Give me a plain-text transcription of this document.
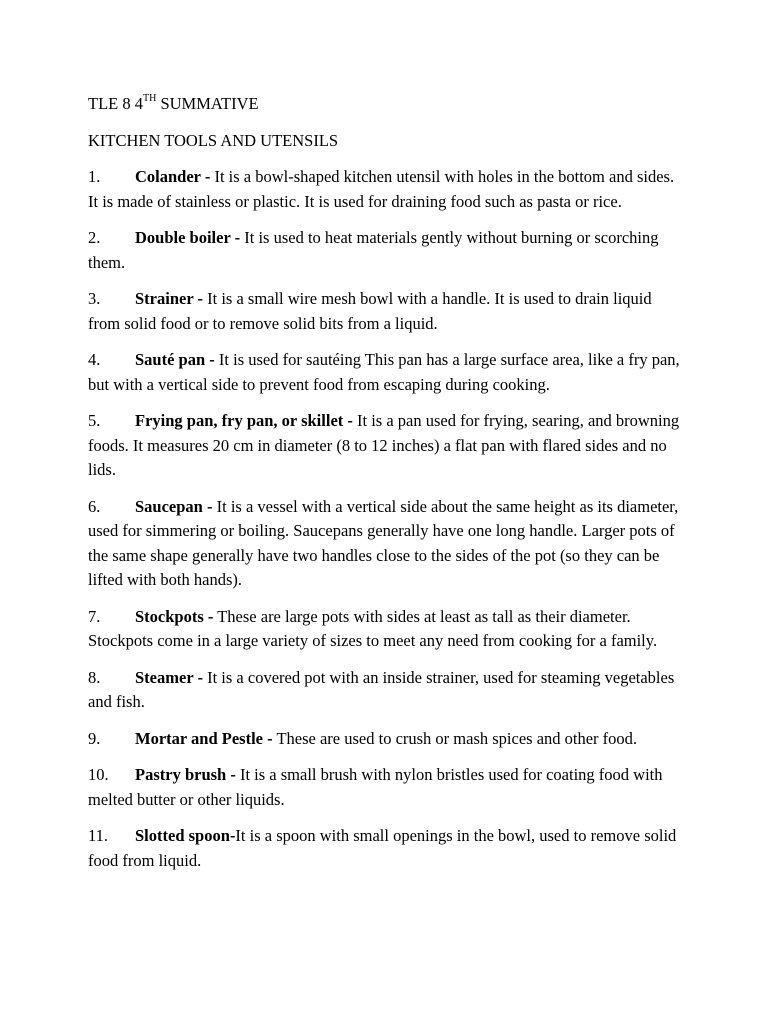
TLE 8 4TH SUMMATIVE

KITCHEN TOOLS AND UTENSILS

1. Colander - It is a bowl-shaped kitchen utensil with holes in the bottom and sides. It is made of stainless or plastic. It is used for draining food such as pasta or rice.

2. Double boiler - It is used to heat materials gently without burning or scorching them.

3. Strainer - It is a small wire mesh bowl with a handle. It is used to drain liquid from solid food or to remove solid bits from a liquid.

4. Sauté pan - It is used for sautéing This pan has a large surface area, like a fry pan, but with a vertical side to prevent food from escaping during cooking.

5. Frying pan, fry pan, or skillet - It is a pan used for frying, searing, and browning foods. It measures 20 cm in diameter (8 to 12 inches) a flat pan with flared sides and no lids.

6. Saucepan - It is a vessel with a vertical side about the same height as its diameter, used for simmering or boiling. Saucepans generally have one long handle. Larger pots of the same shape generally have two handles close to the sides of the pot (so they can be lifted with both hands).

7. Stockpots - These are large pots with sides at least as tall as their diameter. Stockpots come in a large variety of sizes to meet any need from cooking for a family.

8. Steamer - It is a covered pot with an inside strainer, used for steaming vegetables and fish.

9. Mortar and Pestle - These are used to crush or mash spices and other food.

10. Pastry brush - It is a small brush with nylon bristles used for coating food with melted butter or other liquids.

11. Slotted spoon-It is a spoon with small openings in the bowl, used to remove solid food from liquid.
